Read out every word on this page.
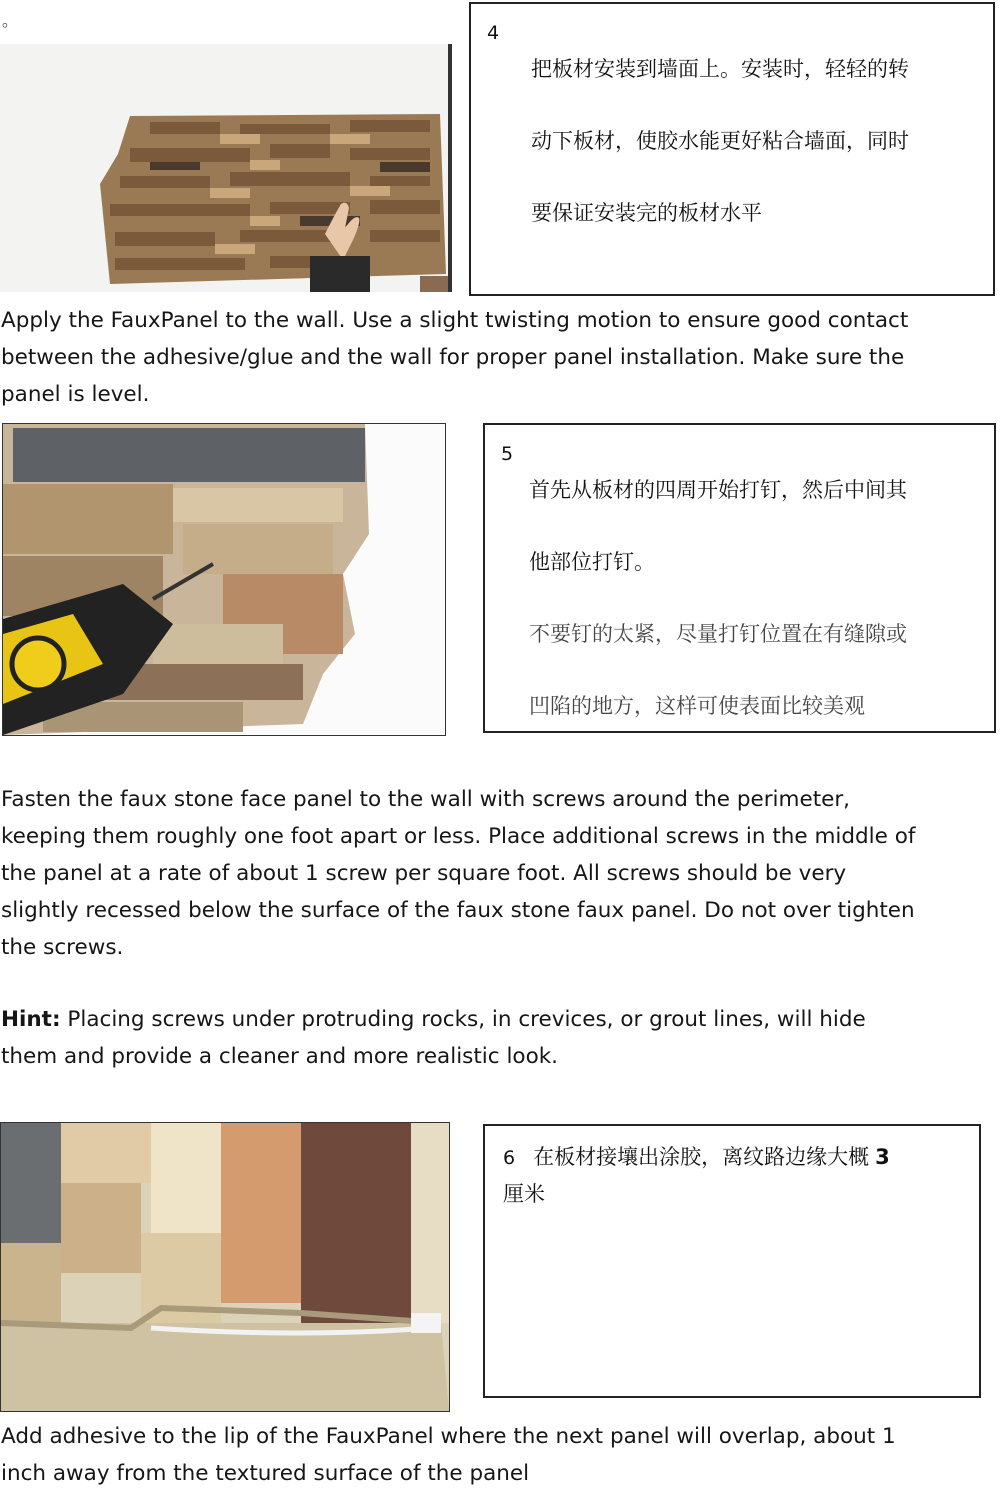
。
4

把板材安装到墙面上。安装时，轻轻的转

动下板材，使胶水能更好粘合墙面，同时

要保证安装完的板材水平

Apply the FauxPanel to the wall. Use a slight twisting motion to ensure good contact
between the adhesive/glue and the wall for proper panel installation. Make sure the
panel is level.
5

首先从板材的四周开始打钉，然后中间其

他部位打钉。

不要钉的太紧，尽量打钉位置在有缝隙或

凹陷的地方，这样可使表面比较美观

Fasten the faux stone face panel to the wall with screws around the perimeter,
keeping them roughly one foot apart or less. Place additional screws in the middle of
the panel at a rate of about 1 screw per square foot. All screws should be very
slightly recessed below the surface of the faux stone faux panel. Do not over tighten
the screws.
Hint: Placing screws under protruding rocks, in crevices, or grout lines, will hide
them and provide a cleaner and more realistic look.
6 在板材接壤出涂胶，离纹路边缘大概 3
厘米
Add adhesive to the lip of the FauxPanel where the next panel will overlap, about 1
inch away from the textured surface of the panel
